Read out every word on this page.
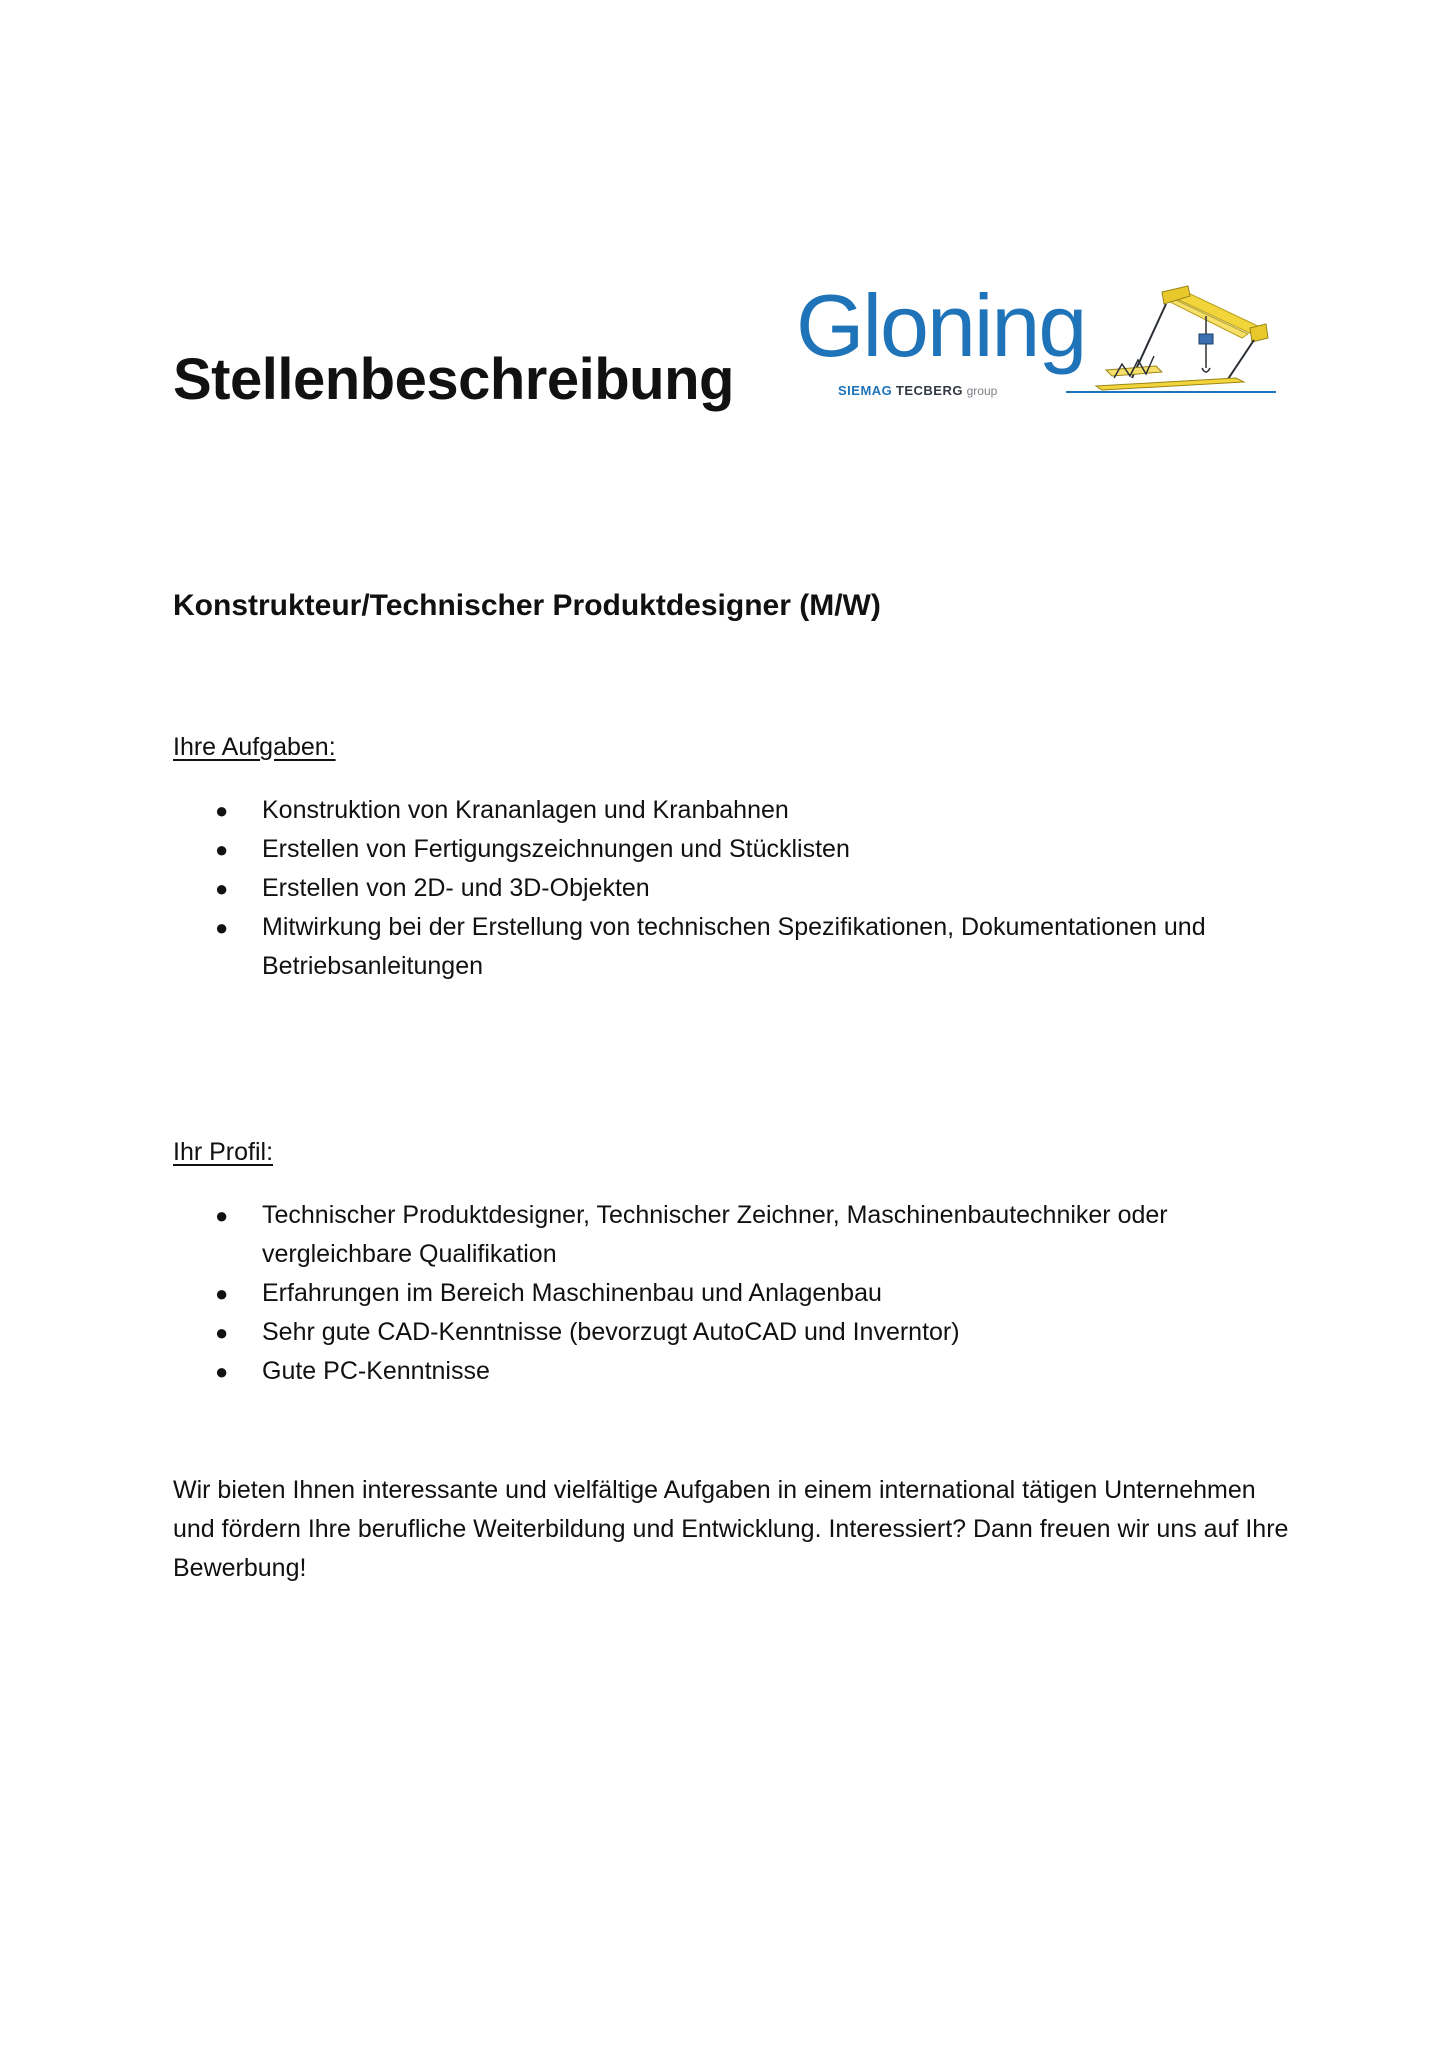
Stellenbeschreibung
Gloning
SIEMAG TECBERG group
Konstrukteur/Technischer Produktdesigner (M/W)
Ihre Aufgaben:
● Konstruktion von Krananlagen und Kranbahnen
● Erstellen von Fertigungszeichnungen und Stücklisten
● Erstellen von 2D- und 3D-Objekten
● Mitwirkung bei der Erstellung von technischen Spezifikationen, Dokumentationen und Betriebsanleitungen
Ihr Profil:
● Technischer Produktdesigner, Technischer Zeichner, Maschinenbautechniker oder vergleichbare Qualifikation
● Erfahrungen im Bereich Maschinenbau und Anlagenbau
● Sehr gute CAD-Kenntnisse (bevorzugt AutoCAD und Inverntor)
● Gute PC-Kenntnisse

Wir bieten Ihnen interessante und vielfältige Aufgaben in einem international tätigen Unternehmen und fördern Ihre berufliche Weiterbildung und Entwicklung. Interessiert? Dann freuen wir uns auf Ihre Bewerbung!
